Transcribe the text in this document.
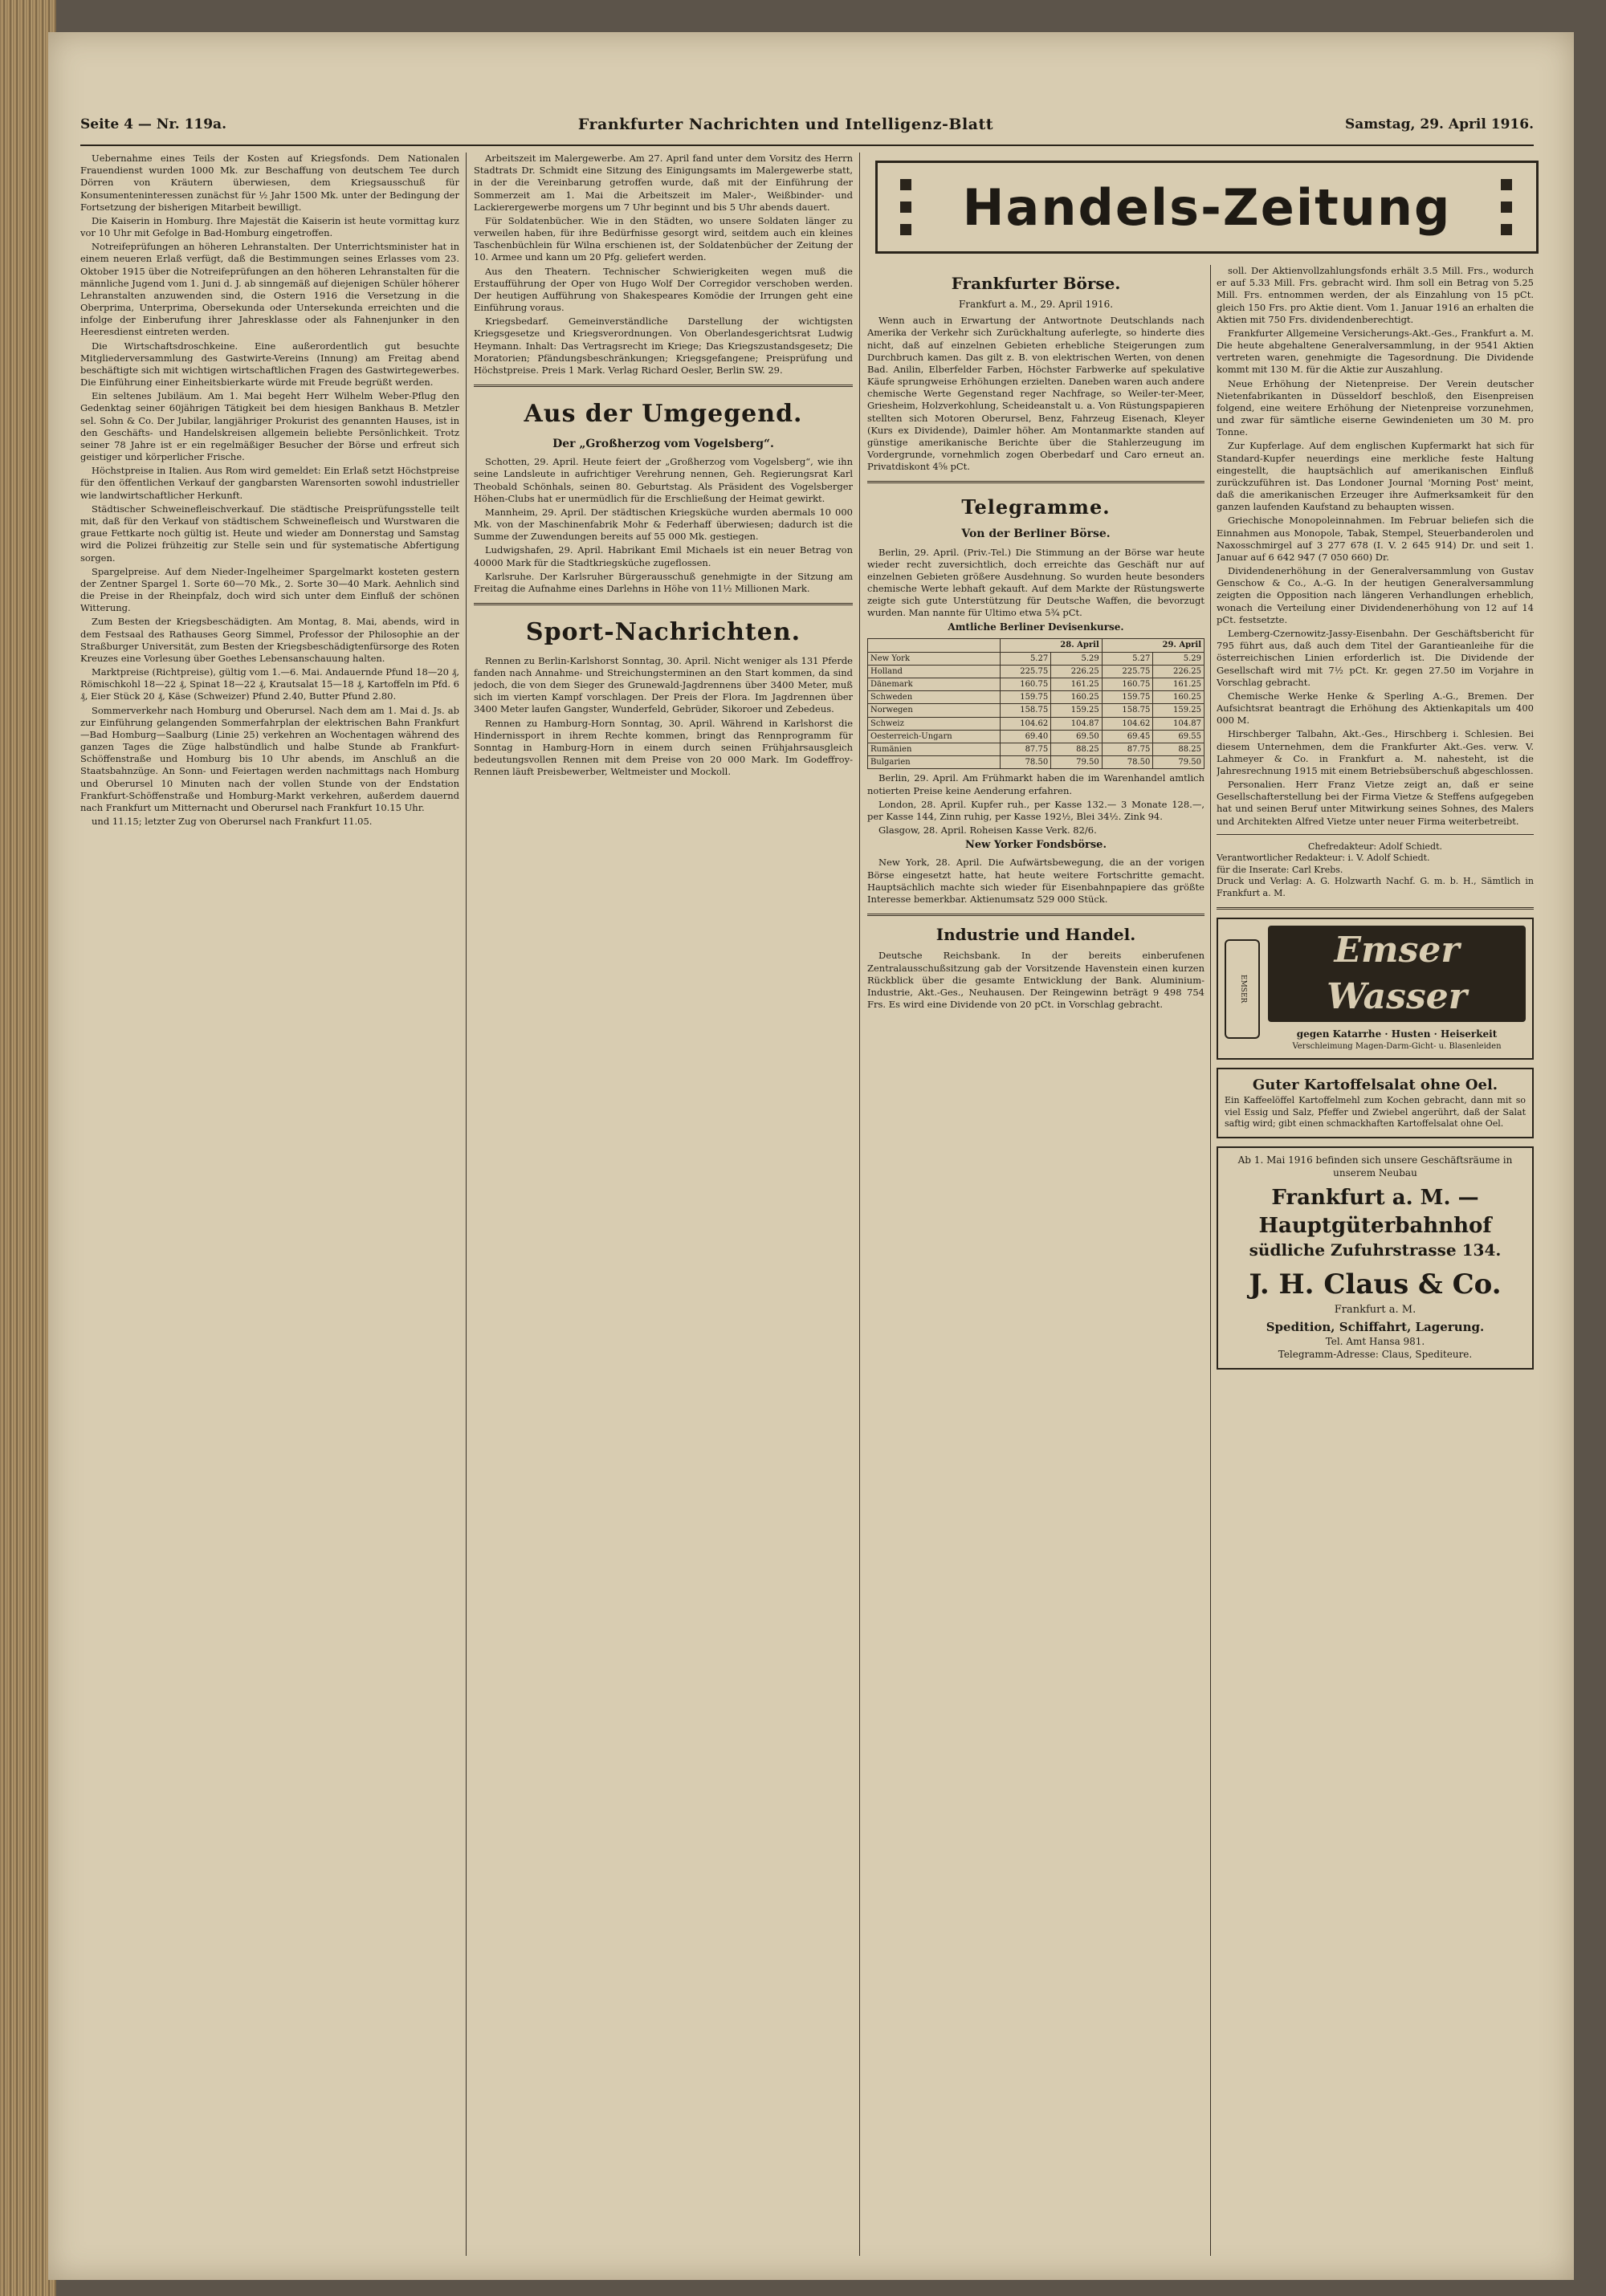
Seite 4 — Nr. 119a.	Frankfurter Nachrichten und Intelligenz-Blatt	Samstag, 29. April 1916.

Uebernahme eines Teils der Kosten auf Kriegsfonds. Dem Nationalen Frauendienst wurden 1000 Mk. zur Beschaffung von deutschem Tee durch Dörren von Kräutern überwiesen, dem Kriegsausschuß für Konsumenteninteressen zunächst für ½ Jahr 1500 Mk. unter der Bedingung der Fortsetzung der bisherigen Mitarbeit bewilligt.

Die Kaiserin in Homburg. Ihre Majestät die Kaiserin ist heute vormittag kurz vor 10 Uhr mit Gefolge in Bad-Homburg eingetroffen.

Notreifeprüfungen an höheren Lehranstalten. Der Unterrichtsminister hat in einem neueren Erlaß verfügt, daß die Bestimmungen seines Erlasses vom 23. Oktober 1915 über die Notreifeprüfungen an den höheren Lehranstalten für die männliche Jugend vom 1. Juni d. J. ab sinngemäß auf diejenigen Schüler höherer Lehranstalten anzuwenden sind, die Ostern 1916 die Versetzung in die Oberprima, Unterprima, Obersekunda oder Untersekunda erreichten und die infolge der Einberufung ihrer Jahresklasse oder als Fahnenjunker in den Heeresdienst eintreten werden.

Die Wirtschaftsdroschkeine. Eine außerordentlich gut besuchte Mitgliederversammlung des Gastwirte-Vereins (Innung) am Freitag abend beschäftigte sich mit wichtigen wirtschaftlichen Fragen des Gastwirtegewerbes. Die Einführung einer Einheitsbierkarte würde mit Freude begrüßt werden.

Ein seltenes Jubiläum. Am 1. Mai begeht Herr Wilhelm Weber-Pflug den Gedenktag seiner 60jährigen Tätigkeit bei dem hiesigen Bankhaus B. Metzler sel. Sohn & Co. Der Jubilar, langjähriger Prokurist des genannten Hauses, ist in den Geschäfts- und Handelskreisen allgemein beliebte Persönlichkeit. Trotz seiner 78 Jahre ist er ein regelmäßiger Besucher der Börse und erfreut sich geistiger und körperlicher Frische.

Höchstpreise in Italien. Aus Rom wird gemeldet: Ein Erlaß setzt Höchstpreise für den öffentlichen Verkauf der gangbarsten Warensorten sowohl industrieller wie landwirtschaftlicher Herkunft.

Städtischer Schweinefleischverkauf. Die städtische Preisprüfungsstelle teilt mit, daß für den Verkauf von städtischem Schweinefleisch und Wurstwaren die graue Fettkarte noch gültig ist. Heute und wieder am Donnerstag und Samstag wird die Polizei frühzeitig zur Stelle sein und für systematische Abfertigung sorgen.

Spargelpreise. Auf dem Nieder-Ingelheimer Spargelmarkt kosteten gestern der Zentner Spargel 1. Sorte 60—70 Mk., 2. Sorte 30—40 Mark. Aehnlich sind die Preise in der Rheinpfalz, doch wird sich unter dem Einfluß der schönen Witterung.

Zum Besten der Kriegsbeschädigten. Am Montag, 8. Mai, abends, wird in dem Festsaal des Rathauses Georg Simmel, Professor der Philosophie an der Straßburger Universität, zum Besten der Kriegsbeschädigtenfürsorge des Roten Kreuzes eine Vorlesung über Goethes Lebensanschauung halten.

Marktpreise (Richtpreise), gültig vom 1.—6. Mai. Andauernde Pfund 18—20 ₰, Römischkohl 18—22 ₰, Spinat 18—22 ₰, Krautsalat 15—18 ₰, Kartoffeln im Pfd. 6 ₰, Eier Stück 20 ₰, Käse (Schweizer) Pfund 2.40, Butter Pfund 2.80.

Sommerverkehr nach Homburg und Oberursel. Nach dem am 1. Mai d. Js. ab zur Einführung gelangenden Sommerfahrplan der elektrischen Bahn Frankfurt—Bad Homburg—Saalburg (Linie 25) verkehren an Wochentagen während des ganzen Tages die Züge halbstündlich und halbe Stunde ab Frankfurt-Schöffenstraße und Homburg bis 10 Uhr abends, im Anschluß an die Staatsbahnzüge. An Sonn- und Feiertagen werden nachmittags nach Homburg und Oberursel 10 Minuten nach der vollen Stunde von der Endstation Frankfurt-Schöffenstraße und Homburg-Markt verkehren, außerdem dauernd nach Frankfurt um Mitternacht und Oberursel nach Frankfurt 10.15 Uhr.

und 11.15; letzter Zug von Oberursel nach Frankfurt 11.05.

Arbeitszeit im Malergewerbe. Am 27. April fand unter dem Vorsitz des Herrn Stadtrats Dr. Schmidt eine Sitzung des Einigungsamts im Malergewerbe statt, in der die Vereinbarung getroffen wurde, daß mit der Einführung der Sommerzeit am 1. Mai die Arbeitszeit im Maler-, Weißbinder- und Lackierergewerbe morgens um 7 Uhr beginnt und bis 5 Uhr abends dauert.

Für Soldatenbücher. Wie in den Städten, wo unsere Soldaten länger zu verweilen haben, für ihre Bedürfnisse gesorgt wird, seitdem auch ein kleines Taschenbüchlein für Wilna erschienen ist, der Soldatenbücher der Zeitung der 10. Armee und kann um 20 Pfg. geliefert werden.

Aus den Theatern. Technischer Schwierigkeiten wegen muß die Erstaufführung der Oper von Hugo Wolf Der Corregidor verschoben werden. Der heutigen Aufführung von Shakespeares Komödie der Irrungen geht eine Einführung voraus.

Kriegsbedarf. Gemeinverständliche Darstellung der wichtigsten Kriegsgesetze und Kriegsverordnungen. Von Oberlandesgerichtsrat Ludwig Heymann. Inhalt: Das Vertragsrecht im Kriege; Das Kriegszustandsgesetz; Die Moratorien; Pfändungsbeschränkungen; Kriegsgefangene; Preisprüfung und Höchstpreise. Preis 1 Mark. Verlag Richard Oesler, Berlin SW. 29.

Aus der Umgegend.
Der „Großherzog vom Vogelsberg“.

Schotten, 29. April. Heute feiert der „Großherzog vom Vogelsberg“, wie ihn seine Landsleute in aufrichtiger Verehrung nennen, Geh. Regierungsrat Karl Theobald Schönhals, seinen 80. Geburtstag. Als Präsident des Vogelsberger Höhen-Clubs hat er unermüdlich für die Erschließung der Heimat gewirkt.

Mannheim, 29. April. Der städtischen Kriegsküche wurden abermals 10 000 Mk. von der Maschinenfabrik Mohr & Federhaff überwiesen; dadurch ist die Summe der Zuwendungen bereits auf 55 000 Mk. gestiegen.

Ludwigshafen, 29. April. Habrikant Emil Michaels ist ein neuer Betrag von 40000 Mark für die Stadtkriegsküche zugeflossen.

Karlsruhe. Der Karlsruher Bürgerausschuß genehmigte in der Sitzung am Freitag die Aufnahme eines Darlehns in Höhe von 11½ Millionen Mark.

Sport-Nachrichten.

Rennen zu Berlin-Karlshorst Sonntag, 30. April. Nicht weniger als 131 Pferde fanden nach Annahme- und Streichungsterminen an den Start kommen, da sind jedoch, die von dem Sieger des Grunewald-Jagdrennens über 3400 Meter, muß sich im vierten Kampf vorschlagen. Der Preis der Flora. Im Jagdrennen über 3400 Meter laufen Gangster, Wunderfeld, Gebrüder, Sikoroer und Zebedeus.

Rennen zu Hamburg-Horn Sonntag, 30. April. Während in Karlshorst die Hindernissport in ihrem Rechte kommen, bringt das Rennprogramm für Sonntag in Hamburg-Horn in einem durch seinen Frühjahrsausgleich bedeutungsvollen Rennen mit dem Preise von 20 000 Mark. Im Godeffroy-Rennen läuft Preisbewerber, Weltmeister und Mockoll.

Handels-Zeitung
Frankfurter Börse.
Frankfurt a. M., 29. April 1916.

Wenn auch in Erwartung der Antwortnote Deutschlands nach Amerika der Verkehr sich Zurückhaltung auferlegte, so hinderte dies nicht, daß auf einzelnen Gebieten erhebliche Steigerungen zum Durchbruch kamen. Das gilt z. B. von elektrischen Werten, von denen Bad. Anilin, Elberfelder Farben, Höchster Farbwerke auf spekulative Käufe sprungweise Erhöhungen erzielten. Daneben waren auch andere chemische Werte Gegenstand reger Nachfrage, so Weiler-ter-Meer, Griesheim, Holzverkohlung, Scheideanstalt u. a. Von Rüstungspapieren stellten sich Motoren Oberursel, Benz, Fahrzeug Eisenach, Kleyer (Kurs ex Dividende), Daimler höher. Am Montanmarkte standen auf günstige amerikanische Berichte über die Stahlerzeugung im Vordergrunde, vornehmlich zogen Oberbedarf und Caro erneut an. Privatdiskont 4⅝ pCt.

Telegramme.
Von der Berliner Börse.

Berlin, 29. April. (Priv.-Tel.) Die Stimmung an der Börse war heute wieder recht zuversichtlich, doch erreichte das Geschäft nur auf einzelnen Gebieten größere Ausdehnung. So wurden heute besonders chemische Werte lebhaft gekauft. Auf dem Markte der Rüstungswerte zeigte sich gute Unterstützung für Deutsche Waffen, die bevorzugt wurden. Man nannte für Ultimo etwa 5¾ pCt.

Amtliche Berliner Devisenkurse.
	28. April		29. April	
New York	5.27	5.29	5.27	5.29
Holland	225.75	226.25	225.75	226.25
Dänemark	160.75	161.25	160.75	161.25
Schweden	159.75	160.25	159.75	160.25
Norwegen	158.75	159.25	158.75	159.25
Schweiz	104.62	104.87	104.62	104.87
Oesterreich-Ungarn	69.40	69.50	69.45	69.55
Rumänien	87.75	88.25	87.75	88.25
Bulgarien	78.50	79.50	78.50	79.50

Berlin, 29. April. Am Frühmarkt haben die im Warenhandel amtlich notierten Preise keine Aenderung erfahren.

London, 28. April. Kupfer ruh., per Kasse 132.— 3 Monate 128.—, per Kasse 144, Zinn ruhig, per Kasse 192½, Blei 34½. Zink 94.

Glasgow, 28. April. Roheisen Kasse Verk. 82/6.

New Yorker Fondsbörse.

New York, 28. April. Die Aufwärtsbewegung, die an der vorigen Börse eingesetzt hatte, hat heute weitere Fortschritte gemacht. Hauptsächlich machte sich wieder für Eisenbahnpapiere das größte Interesse bemerkbar. Aktienumsatz 529 000 Stück.

Industrie und Handel.

Deutsche Reichsbank. In der bereits einberufenen Zentralausschußsitzung gab der Vorsitzende Havenstein einen kurzen Rückblick über die gesamte Entwicklung der Bank. Aluminium-Industrie, Akt.-Ges., Neuhausen. Der Reingewinn beträgt 9 498 754 Frs. Es wird eine Dividende von 20 pCt. in Vorschlag gebracht.

soll. Der Aktienvollzahlungsfonds erhält 3.5 Mill. Frs., wodurch er auf 5.33 Mill. Frs. gebracht wird. Ihm soll ein Betrag von 5.25 Mill. Frs. entnommen werden, der als Einzahlung von 15 pCt. gleich 150 Frs. pro Aktie dient. Vom 1. Januar 1916 an erhalten die Aktien mit 750 Frs. dividendenberechtigt.

Frankfurter Allgemeine Versicherungs-Akt.-Ges., Frankfurt a. M. Die heute abgehaltene Generalversammlung, in der 9541 Aktien vertreten waren, genehmigte die Tagesordnung. Die Dividende kommt mit 130 M. für die Aktie zur Auszahlung.

Neue Erhöhung der Nietenpreise. Der Verein deutscher Nietenfabrikanten in Düsseldorf beschloß, den Eisenpreisen folgend, eine weitere Erhöhung der Nietenpreise vorzunehmen, und zwar für sämtliche eiserne Gewindenieten um 30 M. pro Tonne.

Zur Kupferlage. Auf dem englischen Kupfermarkt hat sich für Standard-Kupfer neuerdings eine merkliche feste Haltung eingestellt, die hauptsächlich auf amerikanischen Einfluß zurückzuführen ist. Das Londoner Journal 'Morning Post' meint, daß die amerikanischen Erzeuger ihre Aufmerksamkeit für den ganzen laufenden Kaufstand zu behaupten wissen.

Griechische Monopoleinnahmen. Im Februar beliefen sich die Einnahmen aus Monopole, Tabak, Stempel, Steuerbanderolen und Naxosschmirgel auf 3 277 678 (I. V. 2 645 914) Dr. und seit 1. Januar auf 6 642 947 (7 050 660) Dr.

Dividendenerhöhung in der Generalversammlung von Gustav Genschow & Co., A.-G. In der heutigen Generalversammlung zeigten die Opposition nach längeren Verhandlungen erheblich, wonach die Verteilung einer Dividendenerhöhung von 12 auf 14 pCt. festsetzte.

Lemberg-Czernowitz-Jassy-Eisenbahn. Der Geschäftsbericht für 795 führt aus, daß auch dem Titel der Garantieanleihe für die österreichischen Linien erforderlich ist. Die Dividende der Gesellschaft wird mit 7½ pCt. Kr. gegen 27.50 im Vorjahre in Vorschlag gebracht.

Chemische Werke Henke & Sperling A.-G., Bremen. Der Aufsichtsrat beantragt die Erhöhung des Aktienkapitals um 400 000 M.

Hirschberger Talbahn, Akt.-Ges., Hirschberg i. Schlesien. Bei diesem Unternehmen, dem die Frankfurter Akt.-Ges. verw. V. Lahmeyer & Co. in Frankfurt a. M. nahesteht, ist die Jahresrechnung 1915 mit einem Betriebsüberschuß abgeschlossen.

Personalien. Herr Franz Vietze zeigt an, daß er seine Gesellschafterstellung bei der Firma Vietze & Steffens aufgegeben hat und seinen Beruf unter Mitwirkung seines Sohnes, des Malers und Architekten Alfred Vietze unter neuer Firma weiterbetreibt.

Chefredakteur: Adolf Schiedt.
Verantwortlicher Redakteur: i. V. Adolf Schiedt.
für die Inserate: Carl Krebs.
Druck und Verlag: A. G. Holzwarth Nachf. G. m. b. H., Sämtlich in Frankfurt a. M.
EMSER
Emser Wasser
gegen Katarrhe · Husten · Heiserkeit
Verschleimung Magen-Darm-Gicht- u. Blasenleiden
Guter Kartoffelsalat ohne Oel.
Ein Kaffeelöffel Kartoffelmehl zum Kochen gebracht, dann mit so viel Essig und Salz, Pfeffer und Zwiebel angerührt, daß der Salat saftig wird; gibt einen schmackhaften Kartoffelsalat ohne Oel.
Ab 1. Mai 1916 befinden sich unsere Geschäftsräume in unserem Neubau
Frankfurt a. M. — Hauptgüterbahnhof
südliche Zufuhrstrasse 134.
J. H. Claus & Co.
Frankfurt a. M.
Spedition, Schiffahrt, Lagerung.
Tel. Amt Hansa 981.
Telegramm-Adresse: Claus, Spediteure.
